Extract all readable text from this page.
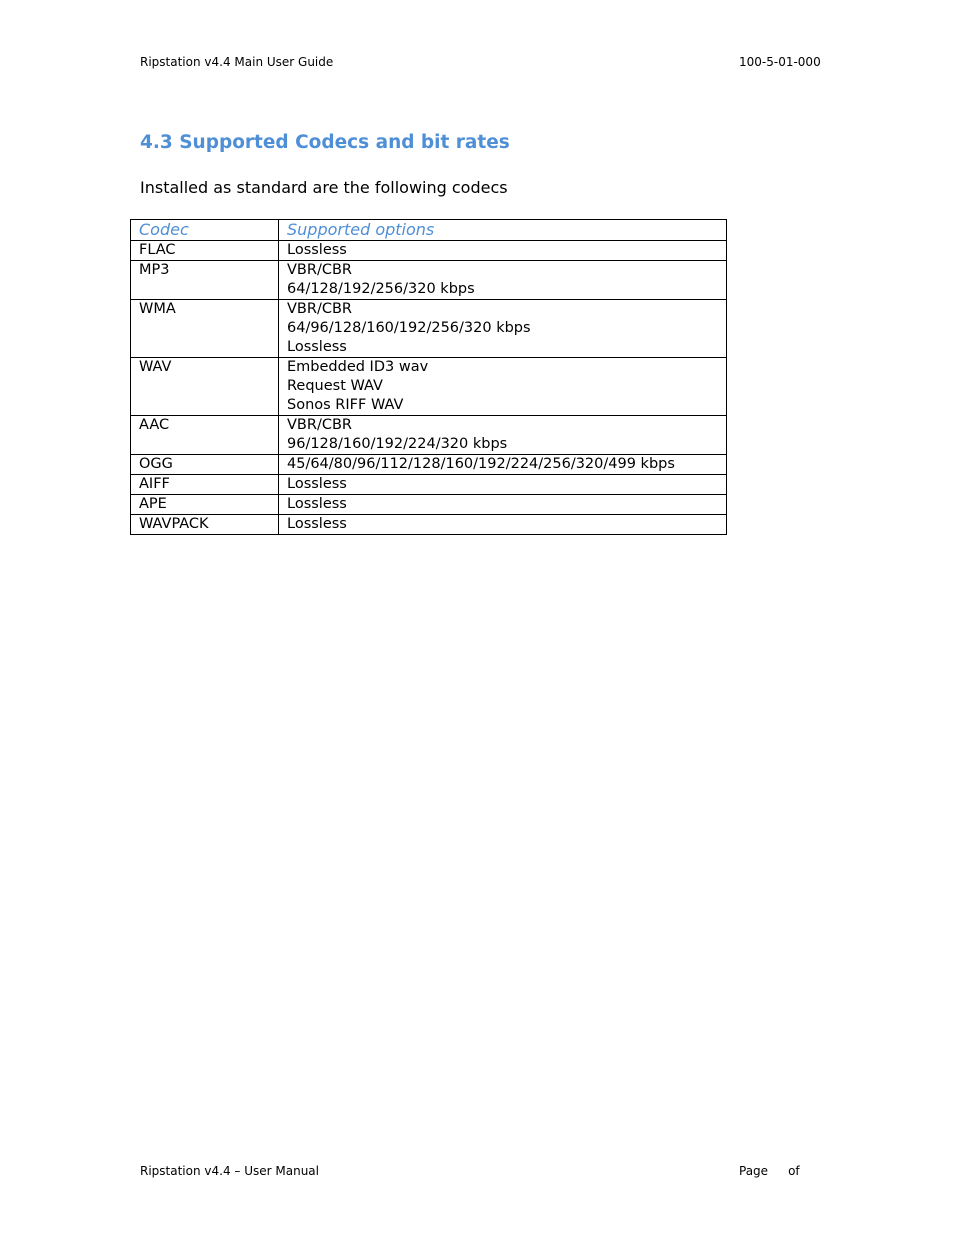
Ripstation v4.4 Main User Guide	100-5-01-000
4.3 Supported Codecs and bit rates

Installed as standard are the following codecs

Codec	Supported options
FLAC	Lossless

MP3	VBR/CBR
64/128/192/256/320 kbps

WMA	VBR/CBR
64/96/128/160/192/256/320 kbps
Lossless

WAV	Embedded ID3 wav
Request WAV
Sonos RIFF WAV

AAC	VBR/CBR
96/128/160/192/224/320 kbps

OGG	45/64/80/96/112/128/160/192/224/256/320/499 kbps

AIFF	Lossless

APE	Lossless

WAVPACK	Lossless
Ripstation v4.4 – User Manual	Page of
